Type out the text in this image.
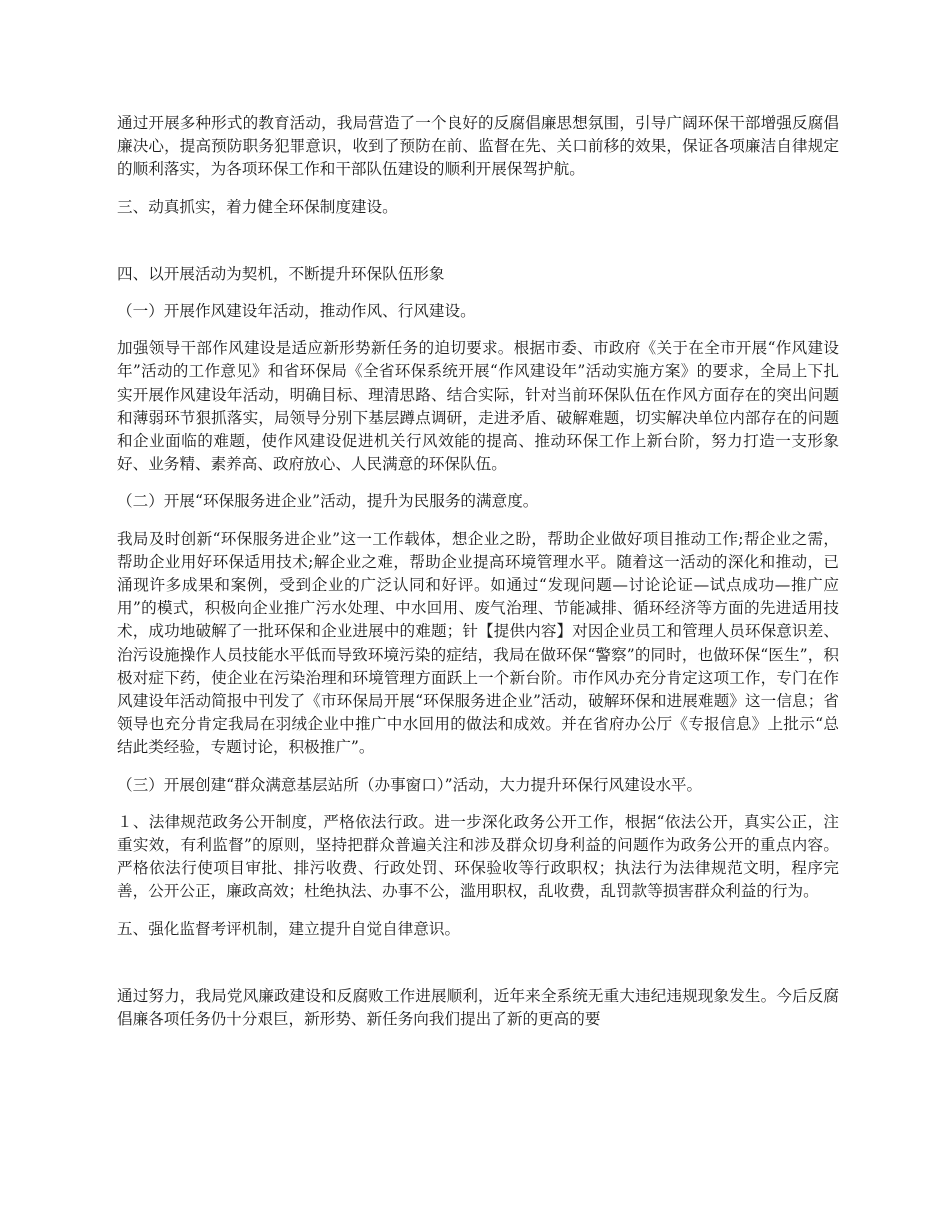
通过开展多种形式的教育活动，我局营造了一个良好的反腐倡廉思想氛围，引导广阔环保干部增强反腐倡廉决心，提高预防职务犯罪意识，收到了预防在前、监督在先、关口前移的效果，保证各项廉洁自律规定的顺利落实，为各项环保工作和干部队伍建设的顺利开展保驾护航。

三、动真抓实，着力健全环保制度建设。

四、以开展活动为契机，不断提升环保队伍形象

（一）开展作风建设年活动，推动作风、行风建设。

加强领导干部作风建设是适应新形势新任务的迫切要求。根据市委、市政府《关于在全市开展“作风建设年”活动的工作意见》和省环保局《全省环保系统开展“作风建设年”活动实施方案》的要求，全局上下扎实开展作风建设年活动，明确目标、理清思路、结合实际，针对当前环保队伍在作风方面存在的突出问题和薄弱环节狠抓落实，局领导分别下基层蹲点调研，走进矛盾、破解难题，切实解决单位内部存在的问题和企业面临的难题，使作风建设促进机关行风效能的提高、推动环保工作上新台阶，努力打造一支形象好、业务精、素养高、政府放心、人民满意的环保队伍。

（二）开展“环保服务进企业”活动，提升为民服务的满意度。

我局及时创新“环保服务进企业”这一工作载体，想企业之盼，帮助企业做好项目推动工作;帮企业之需，帮助企业用好环保适用技术;解企业之难，帮助企业提高环境管理水平。随着这一活动的深化和推动，已涌现许多成果和案例，受到企业的广泛认同和好评。如通过“发现问题—讨论论证—试点成功—推广应用”的模式，积极向企业推广污水处理、中水回用、废气治理、节能减排、循环经济等方面的先进适用技术，成功地破解了一批环保和企业进展中的难题；针【提供内容】对因企业员工和管理人员环保意识差、治污设施操作人员技能水平低而导致环境污染的症结，我局在做环保“警察”的同时，也做环保“医生”，积极对症下药，使企业在污染治理和环境管理方面跃上一个新台阶。市作风办充分肯定这项工作，专门在作风建设年活动简报中刊发了《市环保局开展“环保服务进企业”活动，破解环保和进展难题》这一信息；省领导也充分肯定我局在羽绒企业中推广中水回用的做法和成效。并在省府办公厅《专报信息》上批示“总结此类经验，专题讨论，积极推广”。

（三）开展创建“群众满意基层站所（办事窗口）”活动，大力提升环保行风建设水平。

１、法律规范政务公开制度，严格依法行政。进一步深化政务公开工作，根据“依法公开，真实公正，注重实效，有利监督”的原则，坚持把群众普遍关注和涉及群众切身利益的问题作为政务公开的重点内容。严格依法行使项目审批、排污收费、行政处罚、环保验收等行政职权；执法行为法律规范文明，程序完善，公开公正，廉政高效；杜绝执法、办事不公，滥用职权，乱收费，乱罚款等损害群众利益的行为。

五、强化监督考评机制，建立提升自觉自律意识。

通过努力，我局党风廉政建设和反腐败工作进展顺利，近年来全系统无重大违纪违规现象发生。今后反腐倡廉各项任务仍十分艰巨，新形势、新任务向我们提出了新的更高的要
